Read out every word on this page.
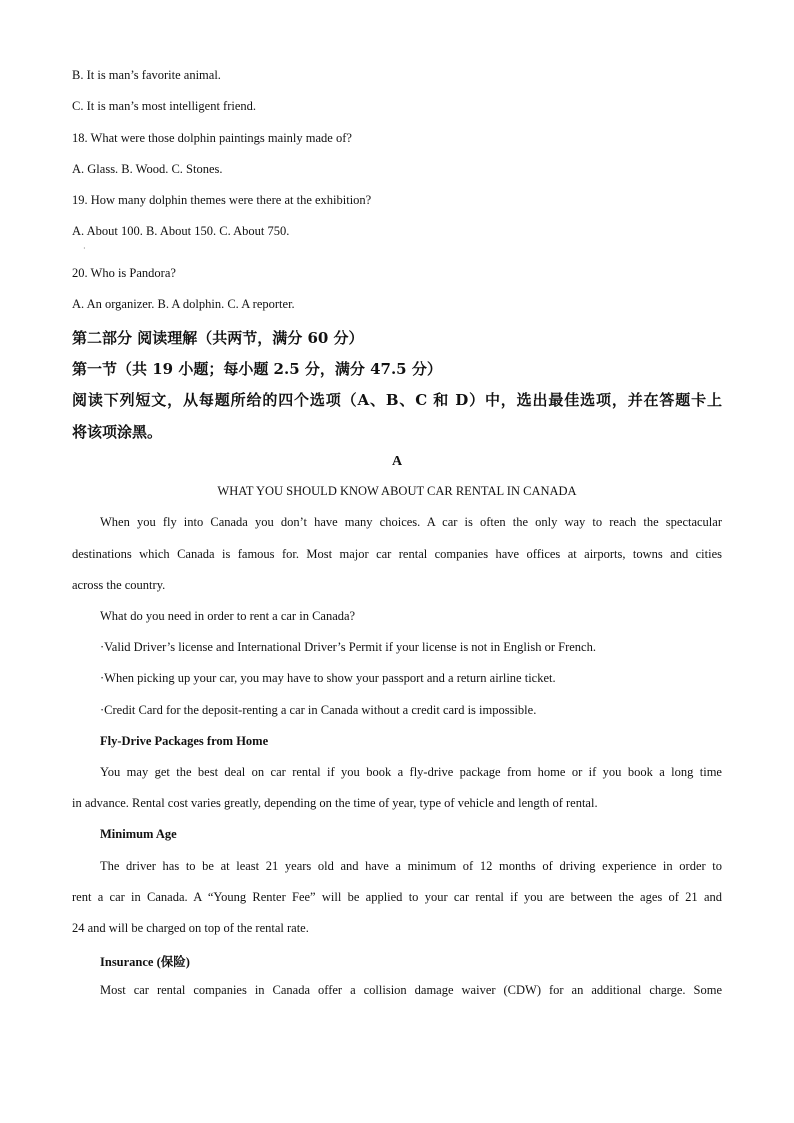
B. It is man’s favorite animal.
C. It is man’s most intelligent friend.
18. What were those dolphin paintings mainly made of?
A. Glass. B. Wood. C. Stones.
19. How many dolphin themes were there at the exhibition?
A. About 100. B. About 150. C. About 750.
·
20. Who is Pandora?
A. An organizer. B. A dolphin. C. A reporter.
第二部分 阅读理解（共两节，满分 60 分）
第一节（共 19 小题；每小题 2.5 分，满分 47.5 分）
阅读下列短文，从每题所给的四个选项（A、B、C 和 D）中，选出最佳选项，并在答题卡上
将该项涂黑。
A
WHAT YOU SHOULD KNOW ABOUT CAR RENTAL IN CANADA
When you fly into Canada you don’t have many choices. A car is often the only way to reach the spectacular
destinations which Canada is famous for. Most major car rental companies have offices at airports, towns and cities
across the country.
What do you need in order to rent a car in Canada?
·Valid Driver’s license and International Driver’s Permit if your license is not in English or French.
·When picking up your car, you may have to show your passport and a return airline ticket.
·Credit Card for the deposit-renting a car in Canada without a credit card is impossible.
Fly-Drive Packages from Home
You may get the best deal on car rental if you book a fly-drive package from home or if you book a long time
in advance. Rental cost varies greatly, depending on the time of year, type of vehicle and length of rental.
Minimum Age
The driver has to be at least 21 years old and have a minimum of 12 months of driving experience in order to
rent a car in Canada. A “Young Renter Fee” will be applied to your car rental if you are between the ages of 21 and
24 and will be charged on top of the rental rate.
Insurance (保险)
Most car rental companies in Canada offer a collision damage waiver (CDW) for an additional charge. Some
